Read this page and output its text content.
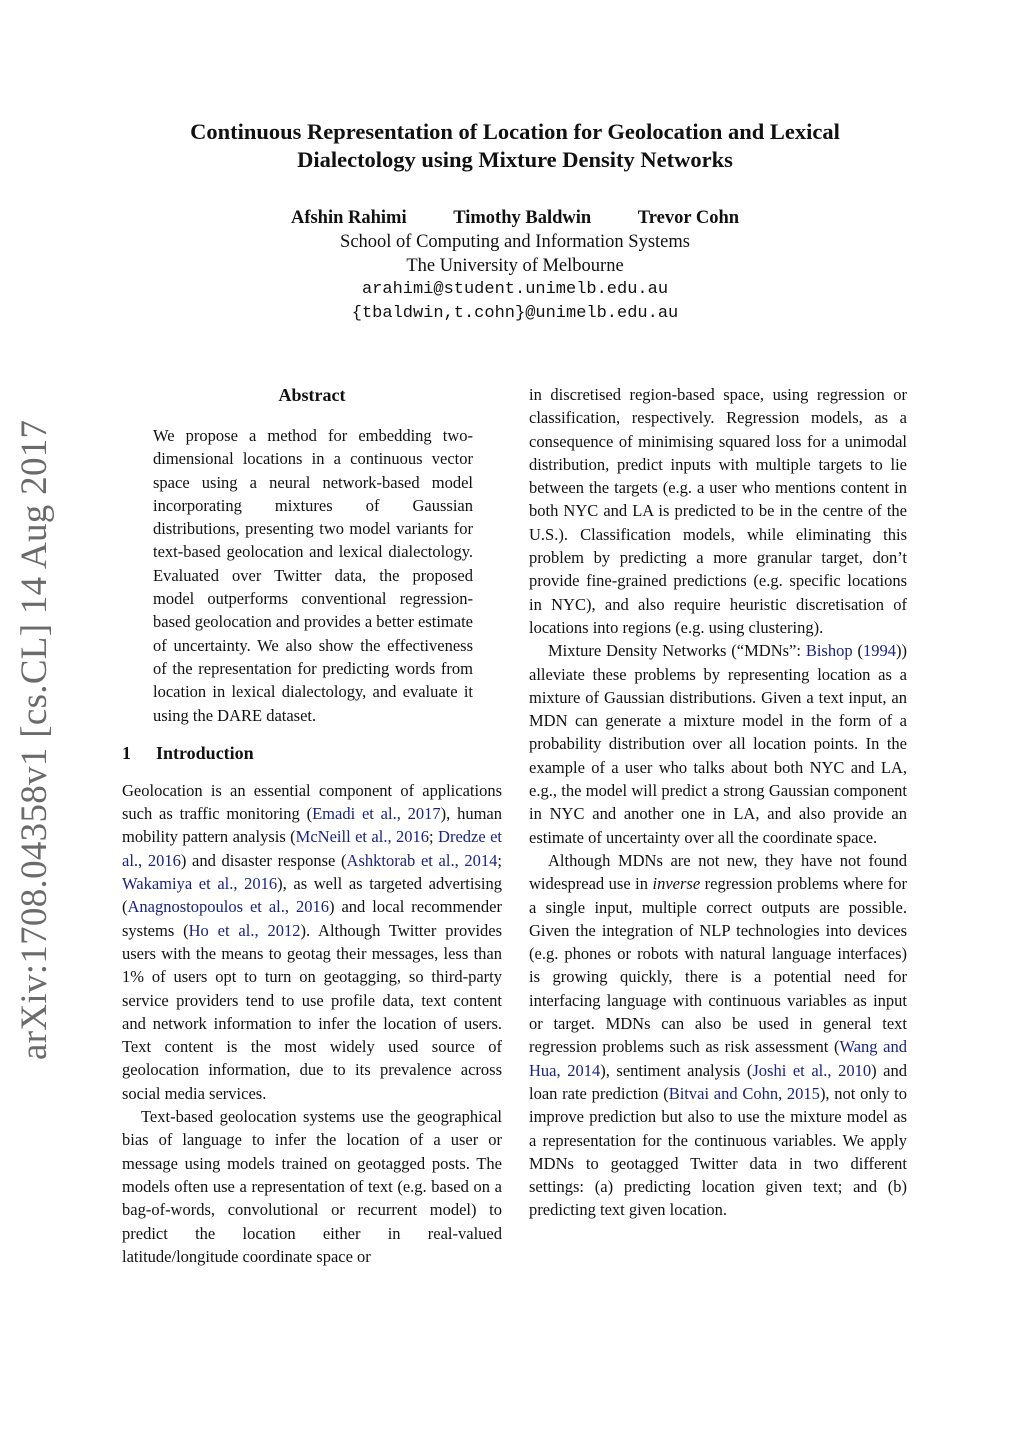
arXiv:1708.04358v1 [cs.CL] 14 Aug 2017
Continuous Representation of Location for Geolocation and Lexical
Dialectology using Mixture Density Networks
Afshin Rahimi	Timothy Baldwin	Trevor Cohn
School of Computing and Information Systems
The University of Melbourne
arahimi@student.unimelb.edu.au
{tbaldwin,t.cohn}@unimelb.edu.au
Abstract

We propose a method for embedding two-dimensional locations in a continuous vector space using a neural network-based model incorporating mixtures of Gaussian distributions, presenting two model variants for text-based geolocation and lexical dialectology. Evaluated over Twitter data, the proposed model outperforms conventional regression-based geolocation and provides a better estimate of uncertainty. We also show the effectiveness of the representation for predicting words from location in lexical dialectology, and evaluate it using the DARE dataset.

1 Introduction

Geolocation is an essential component of applications such as traffic monitoring (Emadi et al., 2017), human mobility pattern analysis (McNeill et al., 2016; Dredze et al., 2016) and disaster response (Ashktorab et al., 2014; Wakamiya et al., 2016), as well as targeted advertising (Anagnostopoulos et al., 2016) and local recommender systems (Ho et al., 2012). Although Twitter provides users with the means to geotag their messages, less than 1% of users opt to turn on geotagging, so third-party service providers tend to use profile data, text content and network information to infer the location of users. Text content is the most widely used source of geolocation information, due to its prevalence across social media services.

Text-based geolocation systems use the geographical bias of language to infer the location of a user or message using models trained on geotagged posts. The models often use a representation of text (e.g. based on a bag-of-words, convolutional or recurrent model) to predict the location either in real-valued latitude/longitude coordinate space or

in discretised region-based space, using regression or classification, respectively. Regression models, as a consequence of minimising squared loss for a unimodal distribution, predict inputs with multiple targets to lie between the targets (e.g. a user who mentions content in both NYC and LA is predicted to be in the centre of the U.S.). Classification models, while eliminating this problem by predicting a more granular target, don’t provide fine-grained predictions (e.g. specific locations in NYC), and also require heuristic discretisation of locations into regions (e.g. using clustering).

Mixture Density Networks (“MDNs”: Bishop (1994)) alleviate these problems by representing location as a mixture of Gaussian distributions. Given a text input, an MDN can generate a mixture model in the form of a probability distribution over all location points. In the example of a user who talks about both NYC and LA, e.g., the model will predict a strong Gaussian component in NYC and another one in LA, and also provide an estimate of uncertainty over all the coordinate space.

Although MDNs are not new, they have not found widespread use in inverse regression problems where for a single input, multiple correct outputs are possible. Given the integration of NLP technologies into devices (e.g. phones or robots with natural language interfaces) is growing quickly, there is a potential need for interfacing language with continuous variables as input or target. MDNs can also be used in general text regression problems such as risk assessment (Wang and Hua, 2014), sentiment analysis (Joshi et al., 2010) and loan rate prediction (Bitvai and Cohn, 2015), not only to improve prediction but also to use the mixture model as a representation for the continuous variables. We apply MDNs to geotagged Twitter data in two different settings: (a) predicting location given text; and (b) predicting text given location.
